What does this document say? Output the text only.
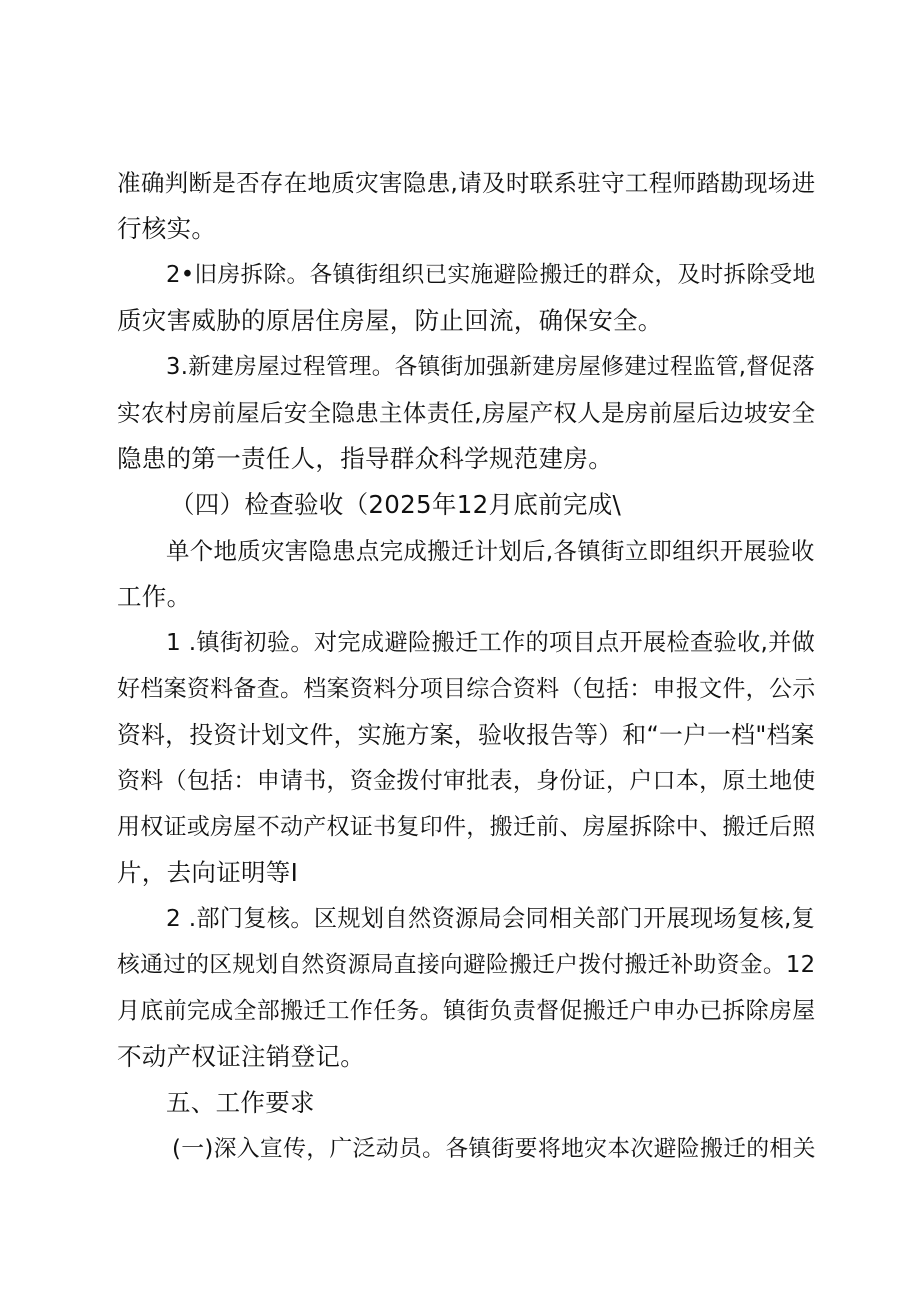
准确判断是否存在地质灾害隐患,请及时联系驻守工程师踏勘现场进

行核实。

2•旧房拆除。各镇街组织已实施避险搬迁的群众，及时拆除受地

质灾害威胁的原居住房屋，防止回流，确保安全。

3.新建房屋过程管理。各镇街加强新建房屋修建过程监管,督促落

实农村房前屋后安全隐患主体责任,房屋产权人是房前屋后边坡安全

隐患的第一责任人，指导群众科学规范建房。

（四）检查验收（2025年12月底前完成\

单个地质灾害隐患点完成搬迁计划后,各镇街立即组织开展验收

工作。

1 .镇街初验。对完成避险搬迁工作的项目点开展检查验收,并做

好档案资料备查。档案资料分项目综合资料（包括：申报文件，公示

资料，投资计划文件，实施方案，验收报告等）和“一户一档"档案

资料（包括：申请书，资金拨付审批表，身份证，户口本，原土地使

用权证或房屋不动产权证书复印件，搬迁前、房屋拆除中、搬迁后照

片，去向证明等I

2 .部门复核。区规划自然资源局会同相关部门开展现场复核,复

核通过的区规划自然资源局直接向避险搬迁户拨付搬迁补助资金。12

月底前完成全部搬迁工作任务。镇街负责督促搬迁户申办已拆除房屋

不动产权证注销登记。

五、工作要求

(一)深入宣传，广泛动员。各镇街要将地灾本次避险搬迁的相关
